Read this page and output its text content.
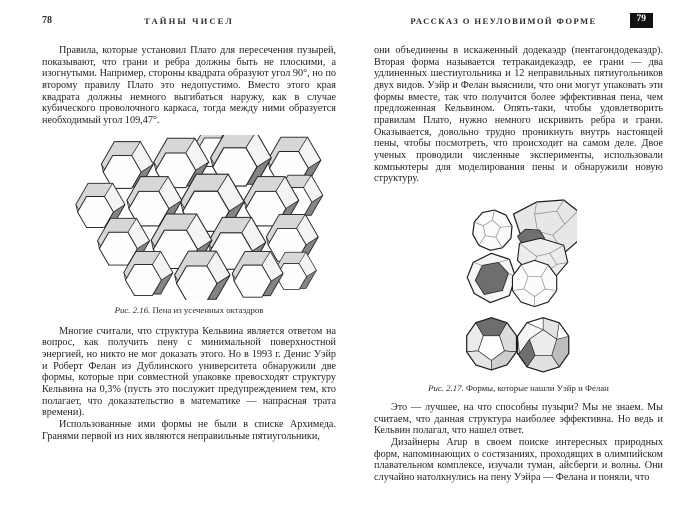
78	ТАЙНЫ ЧИСЕЛ

Правила, которые установил Плато для пересечения пузырей, показывают, что грани и ребра должны быть не плоскими, а изогнутыми. Например, стороны квадрата образуют угол 90°, но по второму правилу Плато это недопустимо. Вместо этого края квадрата должны немного выгибаться наружу, как в случае кубического проволочного каркаса, тогда между ними образуется необходимый угол 109,47°.

Рис. 2.16. Пена из усеченных октаэдров

Многие считали, что структура Кельвина является ответом на вопрос, как получить пену с минимальной поверхностной энергией, но никто не мог доказать этого. Но в 1993 г. Денис Уэйр и Роберт Фелан из Дублинского университета обнаружили две формы, которые при совместной упаковке превосходят структуру Кельвина на 0,3% (пусть это послужит предупреждением тем, кто полагает, что доказательство в математике — напрасная трата времени).

Использованные ими формы не были в списке Архимеда. Гранями первой из них являются неправильные пятиугольники,

РАССКАЗ О НЕУЛОВИМОЙ ФОРМЕ	79

они объединены в искаженный додекаэдр (пентагондодекаэдр). Вторая форма называется тетракаидекаэдр, ее грани — два удлиненных шестиугольника и 12 неправильных пятиугольников двух видов. Уэйр и Фелан выяснили, что они могут упаковать эти формы вместе, так что получится более эффективная пена, чем предложенная Кельвином. Опять-таки, чтобы удовлетворить правилам Плато, нужно немного искривить ребра и грани. Оказывается, довольно трудно проникнуть внутрь настоящей пены, чтобы посмотреть, что происходит на самом деле. Двое ученых проводили численные эксперименты, использовали компьютеры для моделирования пены и обнаружили новую структуру.

Рис. 2.17. Формы, которые нашли Уэйр и Фелан

Это — лучшее, на что способны пузыри? Мы не знаем. Мы считаем, что данная структура наиболее эффективна. Но ведь и Кельвин полагал, что нашел ответ.

Дизайнеры Arup в своем поиске интересных природных форм, напоминающих о состязаниях, проходящих в олимпийском плавательном комплексе, изучали туман, айсберги и волны. Они случайно натолкнулись на пену Уэйра — Фелана и поняли, что
